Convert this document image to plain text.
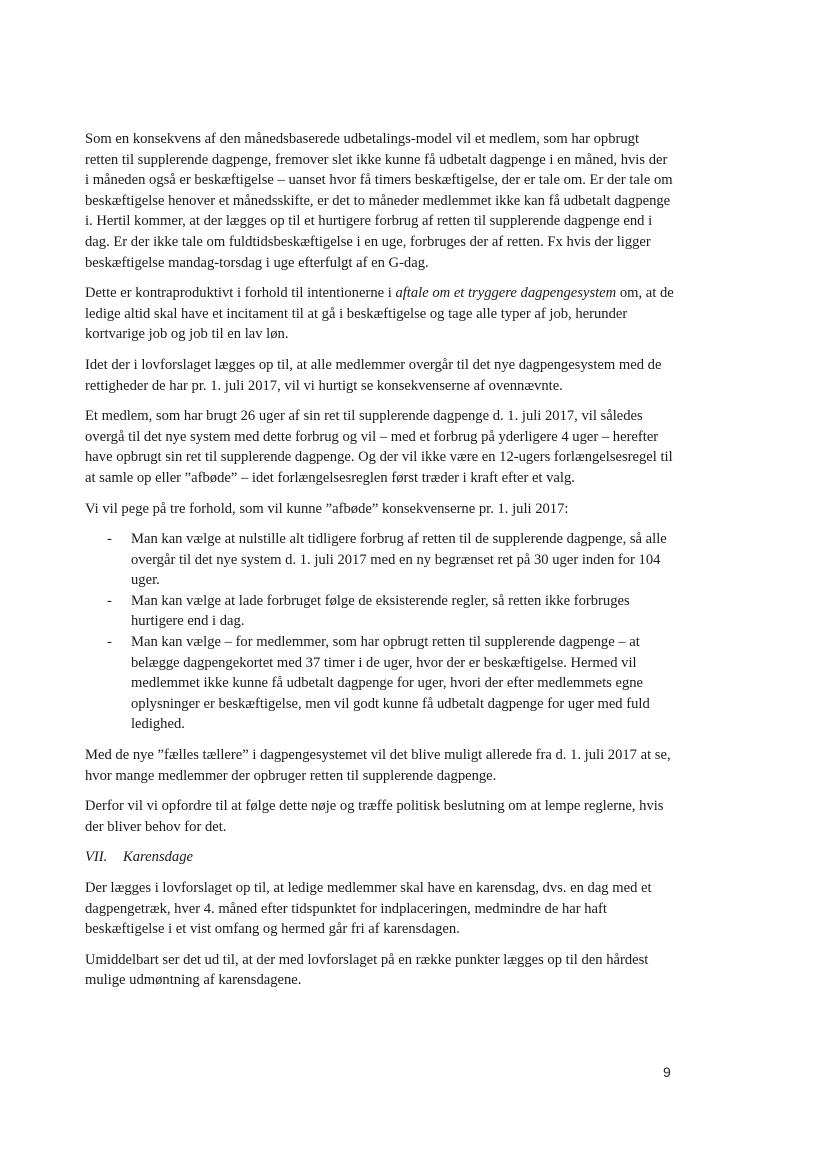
Som en konsekvens af den månedsbaserede udbetalings-model vil et medlem, som har opbrugt retten til supplerende dagpenge, fremover slet ikke kunne få udbetalt dagpenge i en måned, hvis der i måneden også er beskæftigelse – uanset hvor få timers beskæftigelse, der er tale om. Er der tale om beskæftigelse henover et månedsskifte, er det to måneder medlemmet ikke kan få udbetalt dagpenge i. Hertil kommer, at der lægges op til et hurtigere forbrug af retten til supplerende dagpenge end i dag. Er der ikke tale om fuldtidsbeskæftigelse i en uge, forbruges der af retten. Fx hvis der ligger beskæftigelse mandag-torsdag i uge efterfulgt af en G-dag.

Dette er kontraproduktivt i forhold til intentionerne i aftale om et tryggere dagpengesystem om, at de ledige altid skal have et incitament til at gå i beskæftigelse og tage alle typer af job, herunder kortvarige job og job til en lav løn.

Idet der i lovforslaget lægges op til, at alle medlemmer overgår til det nye dagpengesystem med de rettigheder de har pr. 1. juli 2017, vil vi hurtigt se konsekvenserne af ovennævnte.

Et medlem, som har brugt 26 uger af sin ret til supplerende dagpenge d. 1. juli 2017, vil således overgå til det nye system med dette forbrug og vil – med et forbrug på yderligere 4 uger – herefter have opbrugt sin ret til supplerende dagpenge. Og der vil ikke være en 12-ugers forlængelsesregel til at samle op eller ”afbøde” – idet forlængelsesreglen først træder i kraft efter et valg.

Vi vil pege på tre forhold, som vil kunne ”afbøde” konsekvenserne pr. 1. juli 2017:

- Man kan vælge at nulstille alt tidligere forbrug af retten til de supplerende dagpenge, så alle overgår til det nye system d. 1. juli 2017 med en ny begrænset ret på 30 uger inden for 104 uger.
- Man kan vælge at lade forbruget følge de eksisterende regler, så retten ikke forbruges hurtigere end i dag.
- Man kan vælge – for medlemmer, som har opbrugt retten til supplerende dagpenge – at belægge dagpengekortet med 37 timer i de uger, hvor der er beskæftigelse. Hermed vil medlemmet ikke kunne få udbetalt dagpenge for uger, hvori der efter medlemmets egne oplysninger er beskæftigelse, men vil godt kunne få udbetalt dagpenge for uger med fuld ledighed.

Med de nye ”fælles tællere” i dagpengesystemet vil det blive muligt allerede fra d. 1. juli 2017 at se, hvor mange medlemmer der opbruger retten til supplerende dagpenge.

Derfor vil vi opfordre til at følge dette nøje og træffe politisk beslutning om at lempe reglerne, hvis der bliver behov for det.

VII. Karensdage

Der lægges i lovforslaget op til, at ledige medlemmer skal have en karensdag, dvs. en dag med et dagpengetræk, hver 4. måned efter tidspunktet for indplaceringen, medmindre de har haft beskæftigelse i et vist omfang og hermed går fri af karensdagen.

Umiddelbart ser det ud til, at der med lovforslaget på en række punkter lægges op til den hårdest mulige udmøntning af karensdagene.

9
